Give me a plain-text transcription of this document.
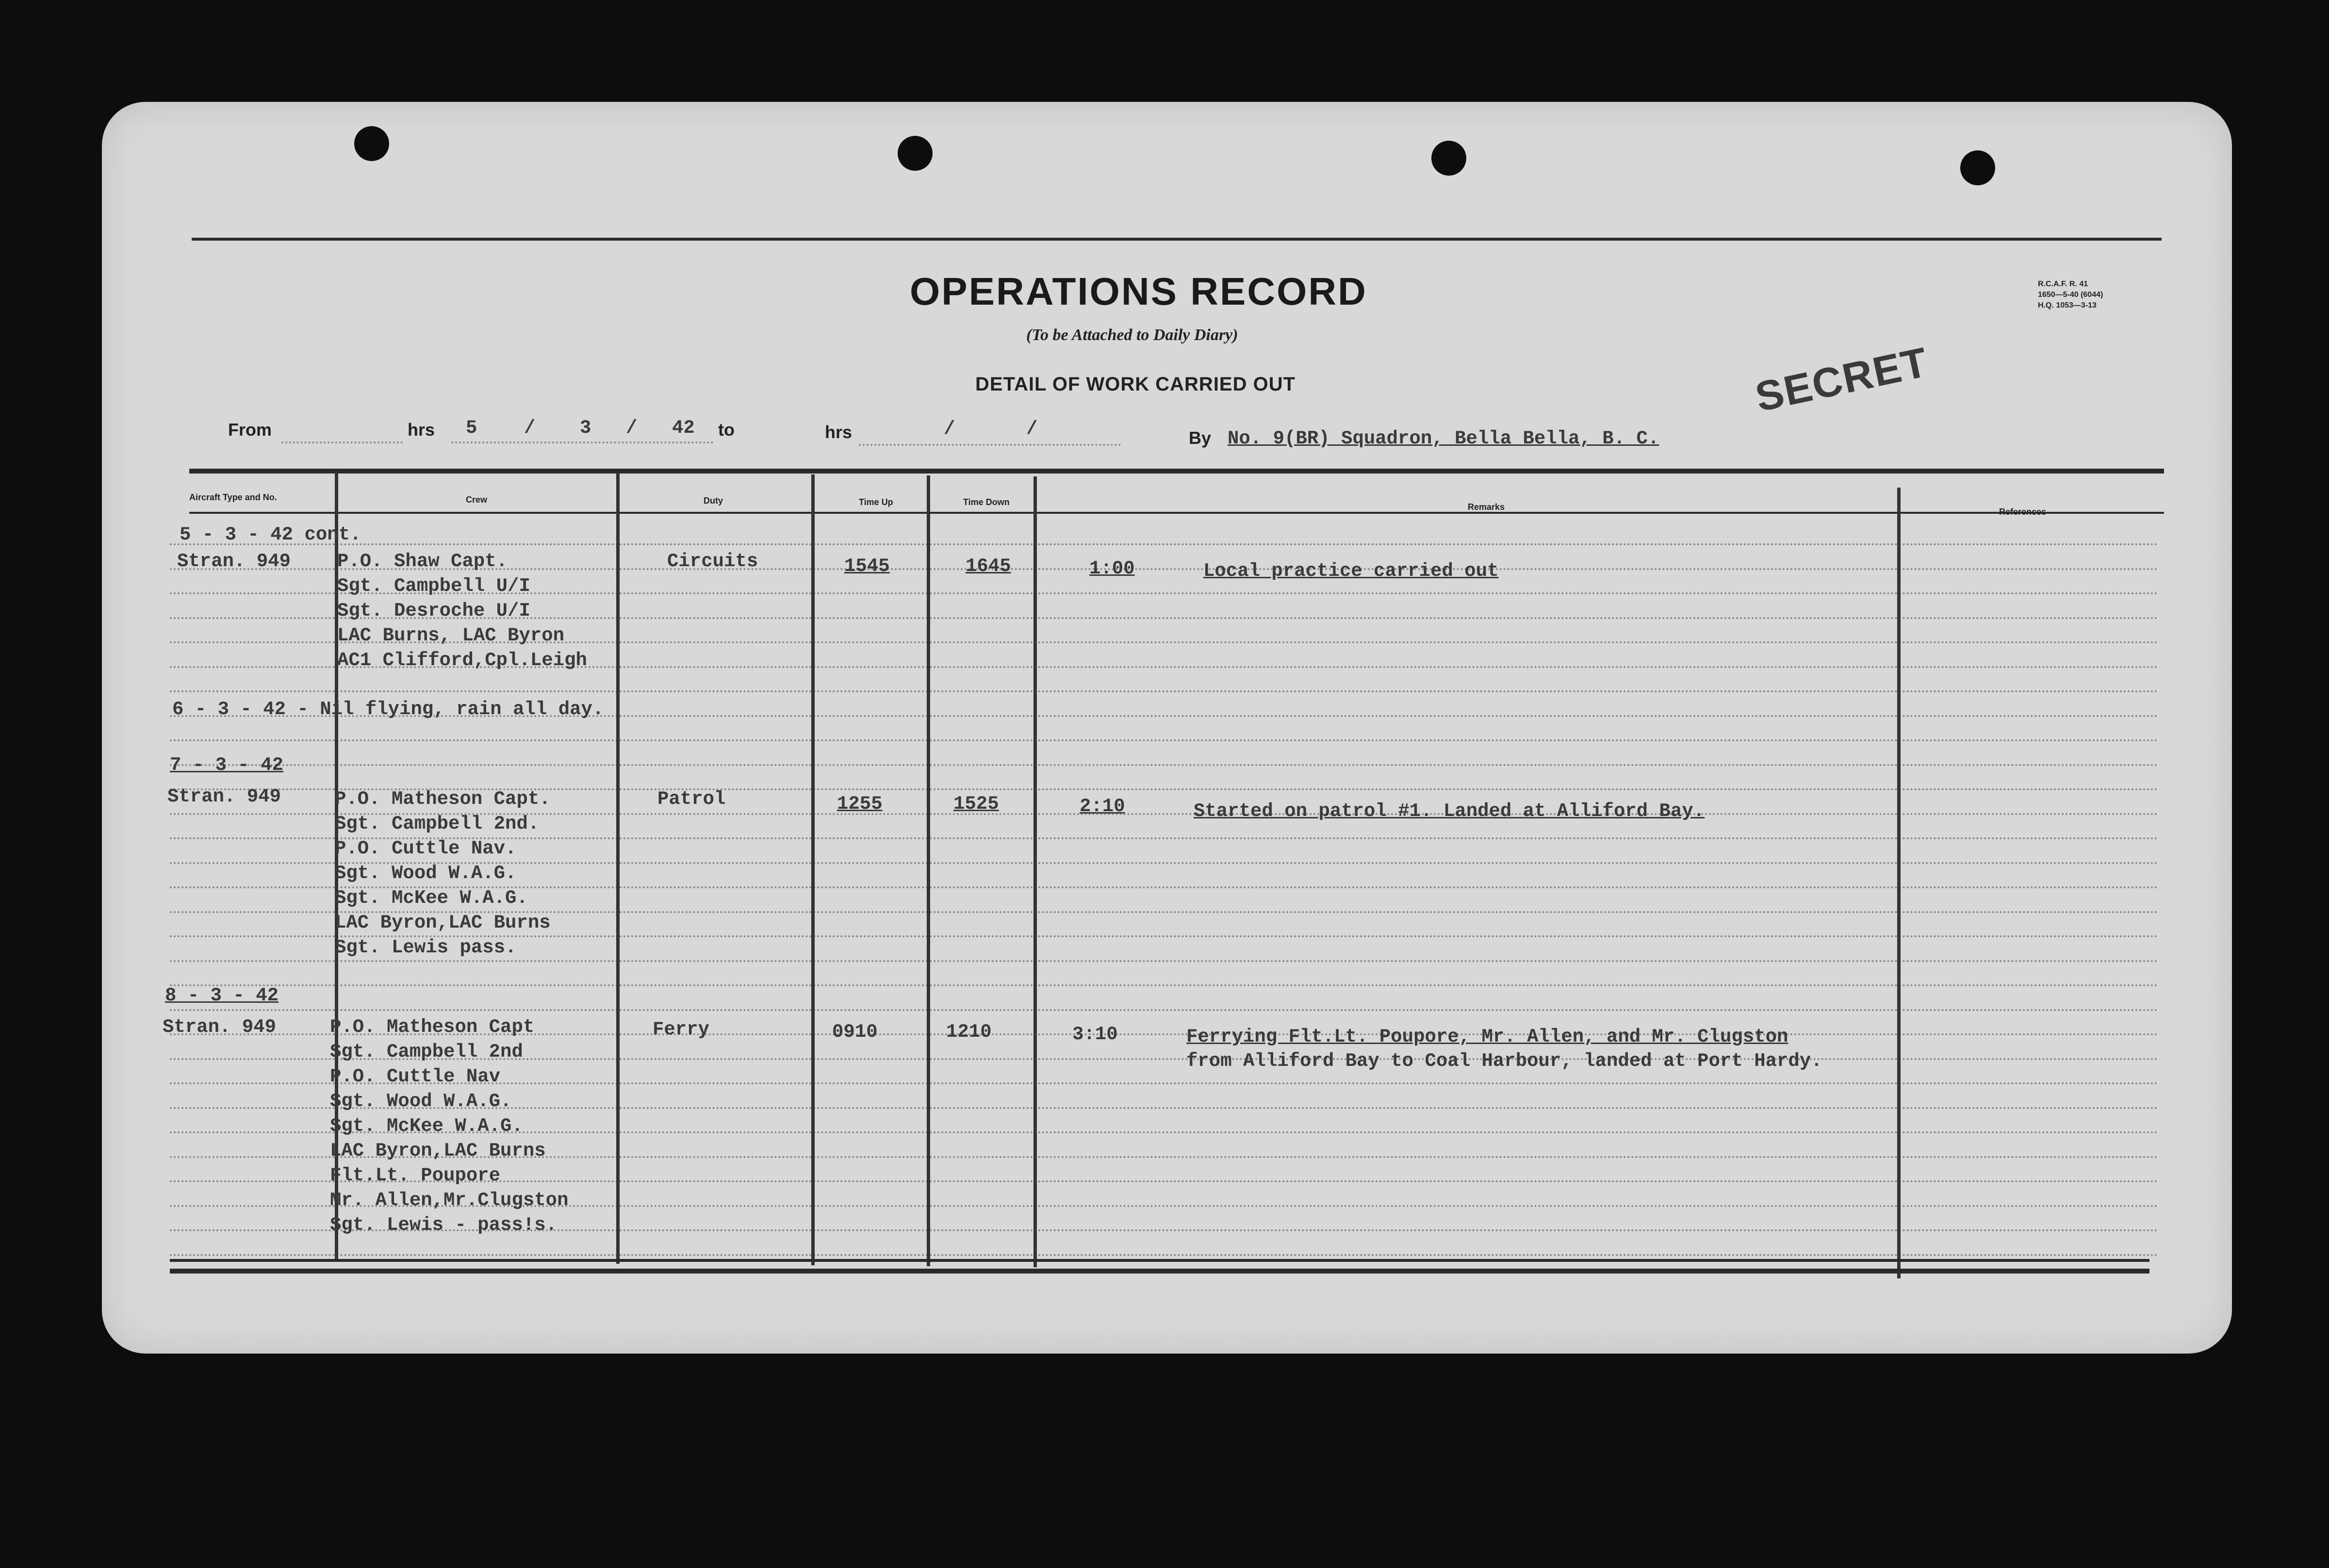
OPERATIONS RECORD
(To be Attached to Daily Diary)
DETAIL OF WORK CARRIED OUT
R.C.A.F. R. 41
1650—5-40 (6044)
H.Q. 1053—3-13
SECRET
From	hrs 5 / 3 / 42 to	hrs	/	/	By No. 9(BR) Squadron, Bella Bella, B. C.
Aircraft Type and No.	Crew	Duty	Time Up	Time Down	Remarks	References
5 - 3 - 42 cont.
Stran. 949 P.O. Shaw Capt.
Sgt. Campbell U/I
Sgt. Desroche U/I
LAC Burns, LAC Byron
AC1 Clifford,Cpl.Leigh
Circuits	1545	1645	1:00	Local practice carried out
6 - 3 - 42 - Nil flying, rain all day.
7 - 3 - 42
Stran. 949	P.O. Matheson Capt.
Sgt. Campbell 2nd.
P.O. Cuttle Nav.
Sgt. Wood W.A.G.
Sgt. McKee W.A.G.
LAC Byron,LAC Burns
Sgt. Lewis pass.
Patrol	1255	1525	2:10	Started on patrol #1. Landed at Alliford Bay.
8 - 3 - 42
Stran. 949	P.O. Matheson Capt
Sgt. Campbell 2nd
P.O. Cuttle Nav
Sgt. Wood W.A.G.
Sgt. McKee W.A.G.
LAC Byron,LAC Burns
Flt.Lt. Poupore
Mr. Allen,Mr.Clugston
Sgt. Lewis - pass!s.
Ferry	0910	1210	3:10	Ferrying Flt.Lt. Poupore, Mr. Allen, and Mr. Clugston
from Alliford Bay to Coal Harbour, landed at Port Hardy.
